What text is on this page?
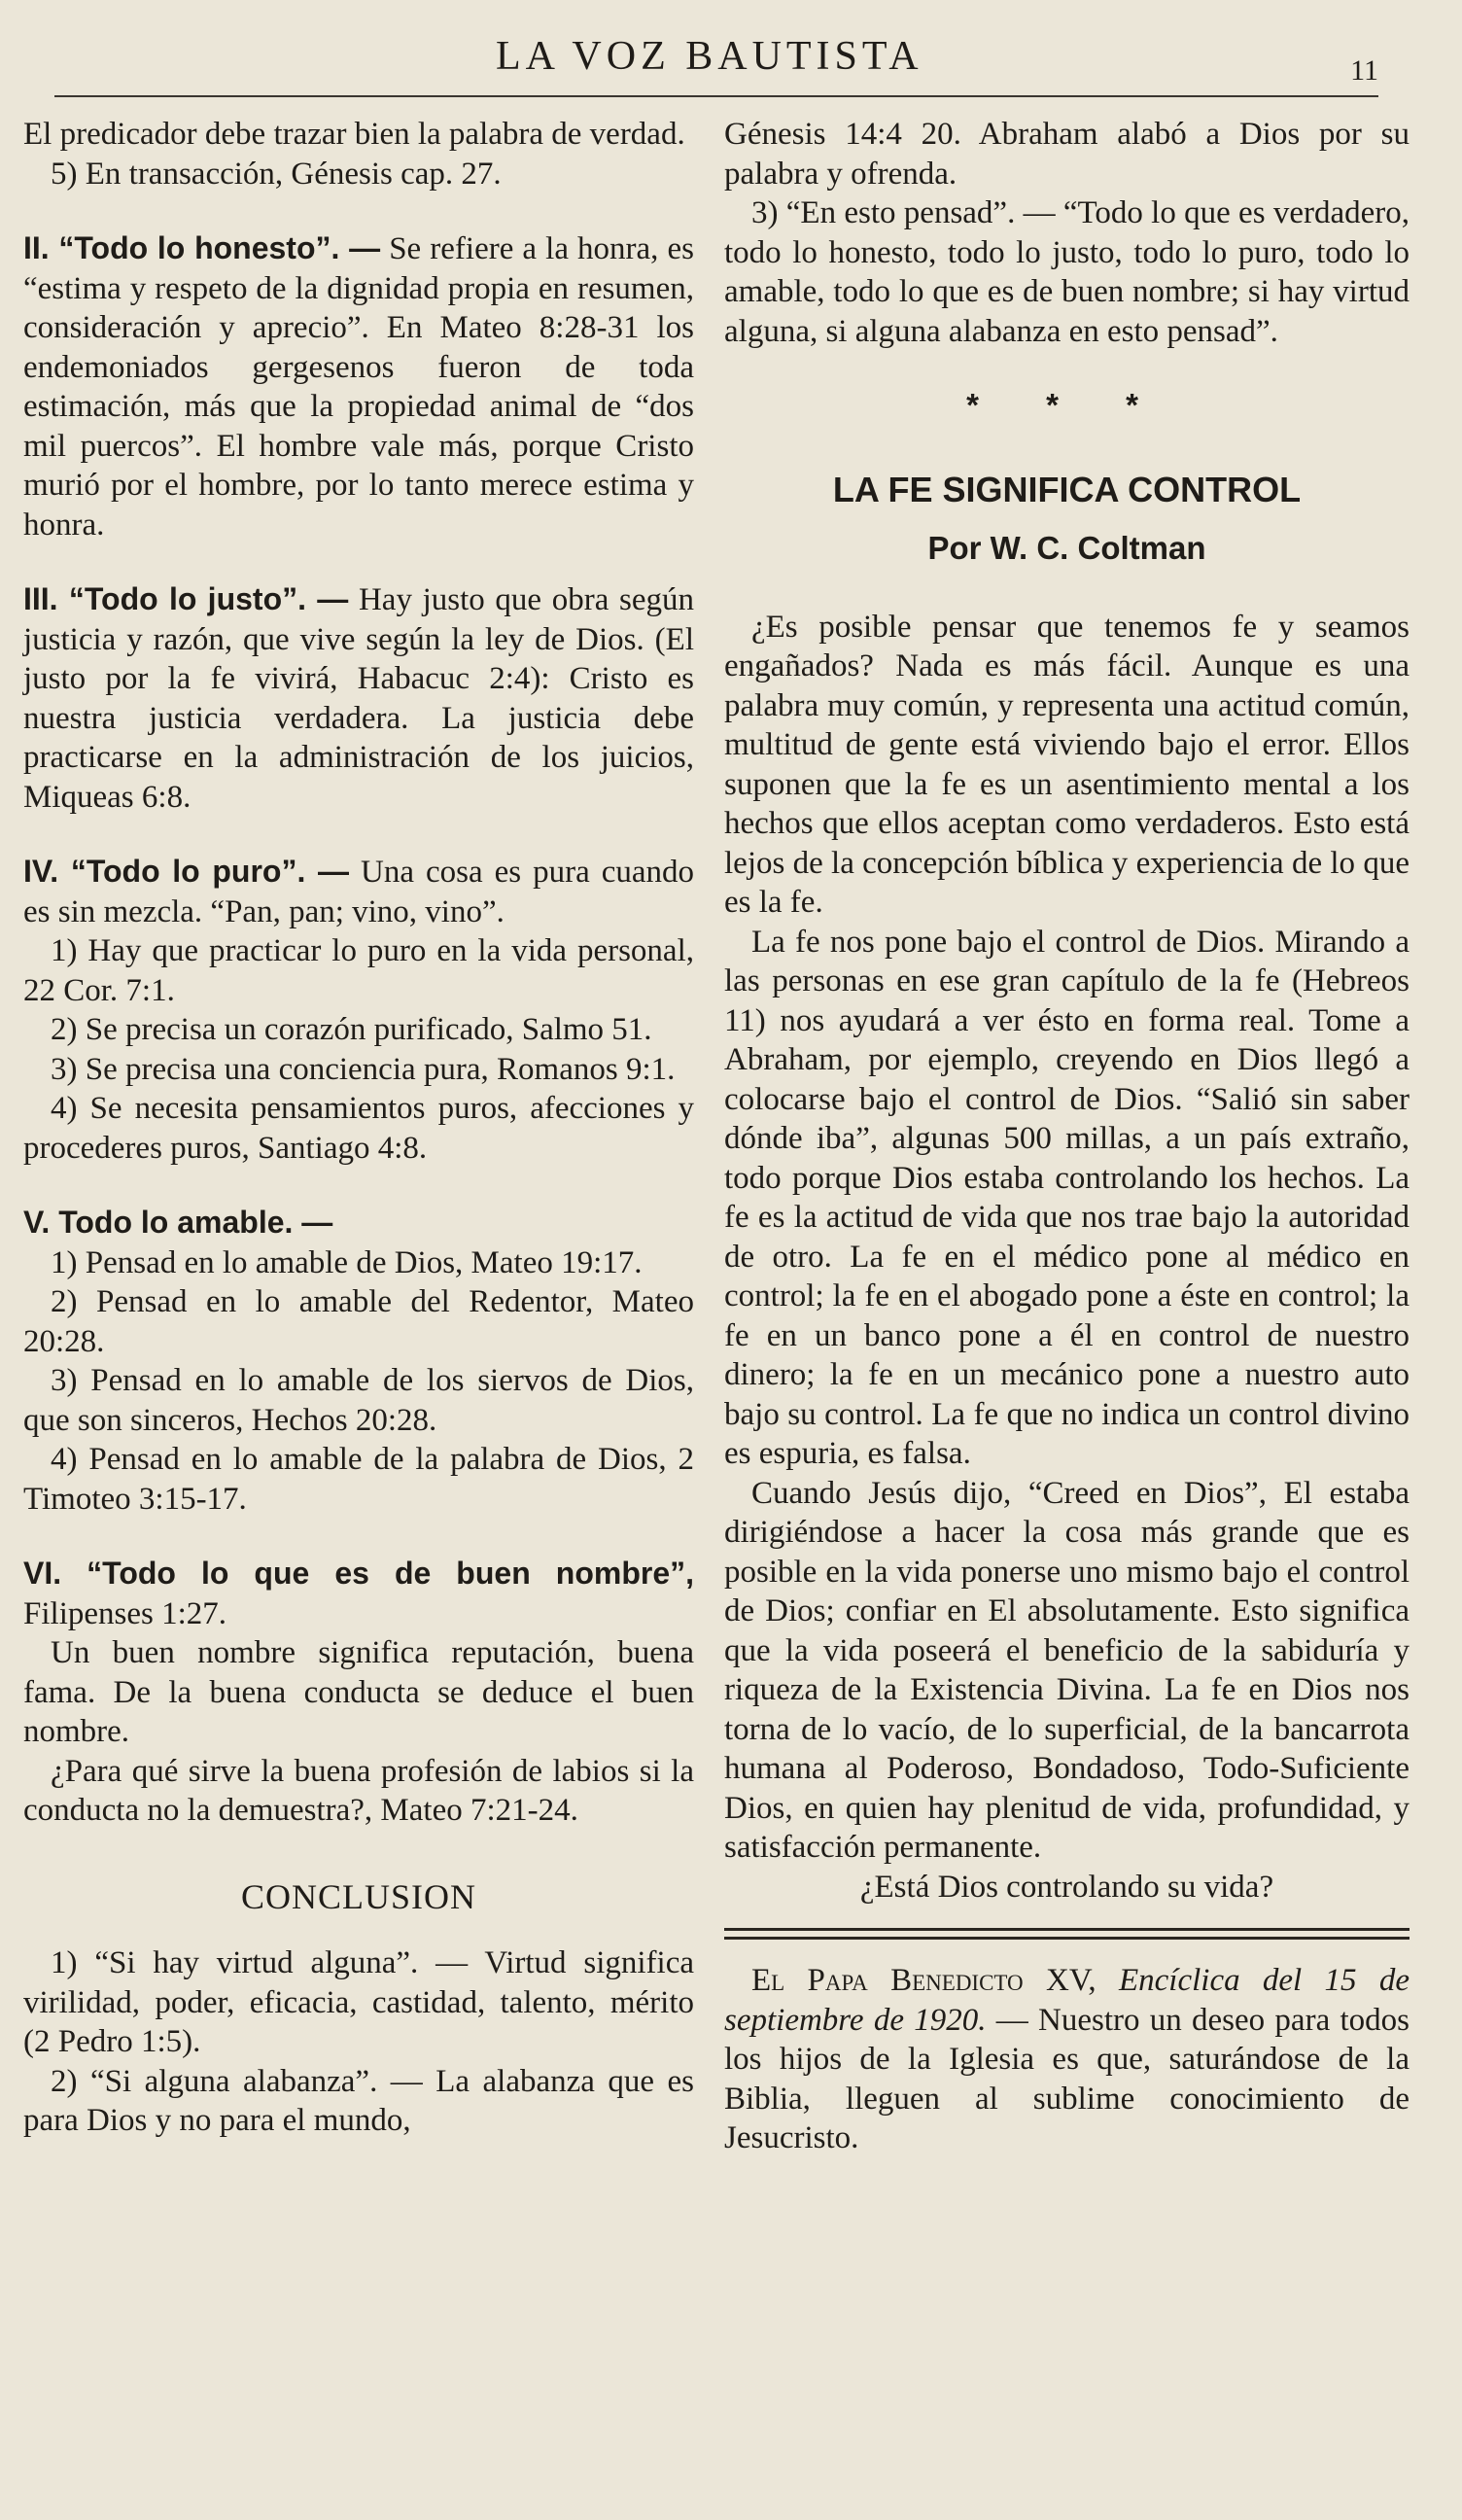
LA VOZ BAUTISTA	11

El predicador debe trazar bien la palabra de verdad.

5) En transacción, Génesis cap. 27.

II. “Todo lo honesto”. — Se refiere a la honra, es “estima y respeto de la dignidad propia en resumen, consideración y aprecio”. En Mateo 8:28-31 los endemoniados gergesenos fueron de toda estimación, más que la propiedad animal de “dos mil puercos”. El hombre vale más, porque Cristo murió por el hombre, por lo tanto merece estima y honra.

III. “Todo lo justo”. — Hay justo que obra según justicia y razón, que vive según la ley de Dios. (El justo por la fe vivirá, Habacuc 2:4): Cristo es nuestra justicia verdadera. La justicia debe practicarse en la administración de los juicios, Miqueas 6:8.

IV. “Todo lo puro”. — Una cosa es pura cuando es sin mezcla. “Pan, pan; vino, vino”.

1) Hay que practicar lo puro en la vida personal, 22 Cor. 7:1.

2) Se precisa un corazón purificado, Salmo 51.

3) Se precisa una conciencia pura, Romanos 9:1.

4) Se necesita pensamientos puros, afecciones y procederes puros, Santiago 4:8.

V. Todo lo amable. —

1) Pensad en lo amable de Dios, Mateo 19:17.

2) Pensad en lo amable del Redentor, Mateo 20:28.

3) Pensad en lo amable de los siervos de Dios, que son sinceros, Hechos 20:28.

4) Pensad en lo amable de la palabra de Dios, 2 Timoteo 3:15-17.

VI. “Todo lo que es de buen nombre”, Filipenses 1:27.

Un buen nombre significa reputación, buena fama. De la buena conducta se deduce el buen nombre.

¿Para qué sirve la buena profesión de labios si la conducta no la demuestra?, Mateo 7:21-24.

CONCLUSION

1) “Si hay virtud alguna”. — Virtud significa virilidad, poder, eficacia, castidad, talento, mérito (2 Pedro 1:5).

2) “Si alguna alabanza”. — La alabanza que es para Dios y no para el mundo,

Génesis 14:4 20. Abraham alabó a Dios por su palabra y ofrenda.

3) “En esto pensad”. — “Todo lo que es verdadero, todo lo honesto, todo lo justo, todo lo puro, todo lo amable, todo lo que es de buen nombre; si hay virtud alguna, si alguna alabanza en esto pensad”.

* * *

LA FE SIGNIFICA CONTROL

Por W. C. Coltman

¿Es posible pensar que tenemos fe y seamos engañados? Nada es más fácil. Aunque es una palabra muy común, y representa una actitud común, multitud de gente está viviendo bajo el error. Ellos suponen que la fe es un asentimiento mental a los hechos que ellos aceptan como verdaderos. Esto está lejos de la concepción bíblica y experiencia de lo que es la fe.

La fe nos pone bajo el control de Dios. Mirando a las personas en ese gran capítulo de la fe (Hebreos 11) nos ayudará a ver ésto en forma real. Tome a Abraham, por ejemplo, creyendo en Dios llegó a colocarse bajo el control de Dios. “Salió sin saber dónde iba”, algunas 500 millas, a un país extraño, todo porque Dios estaba controlando los hechos. La fe es la actitud de vida que nos trae bajo la autoridad de otro. La fe en el médico pone al médico en control; la fe en el abogado pone a éste en control; la fe en un banco pone a él en control de nuestro dinero; la fe en un mecánico pone a nuestro auto bajo su control. La fe que no indica un control divino es espuria, es falsa.

Cuando Jesús dijo, “Creed en Dios”, El estaba dirigiéndose a hacer la cosa más grande que es posible en la vida ponerse uno mismo bajo el control de Dios; confiar en El absolutamente. Esto significa que la vida poseerá el beneficio de la sabiduría y riqueza de la Existencia Divina. La fe en Dios nos torna de lo vacío, de lo superficial, de la bancarrota humana al Poderoso, Bondadoso, Todo-Suficiente Dios, en quien hay plenitud de vida, profundidad, y satisfacción permanente.

¿Está Dios controlando su vida?

El Papa Benedicto XV, Encíclica del 15 de septiembre de 1920. — Nuestro un deseo para todos los hijos de la Iglesia es que, saturándose de la Biblia, lleguen al sublime conocimiento de Jesucristo.
